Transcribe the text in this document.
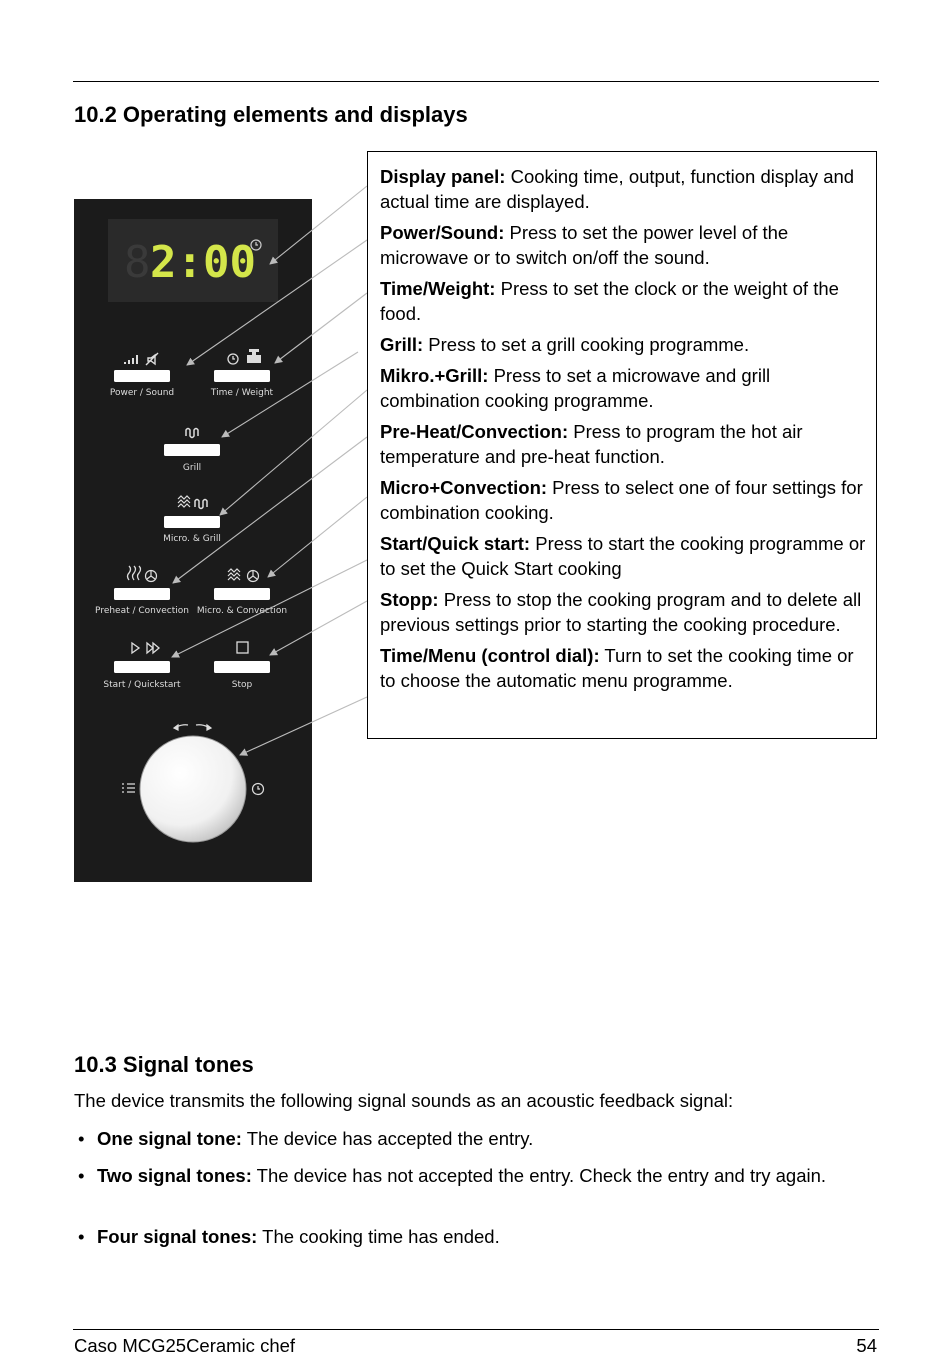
10.2 Operating elements and displays
8 2:00
Power / Sound	Time / Weight
Grill
Micro. & Grill
Preheat / Convection Micro. & Convection
Start / Quickstart	Stop

Display panel: Cooking time, output, function display and actual time are displayed.

Power/Sound: Press to set the power level of the microwave or to switch on/off the sound.

Time/Weight: Press to set the clock or the weight of the food.

Grill: Press to set a grill cooking programme.

Mikro.+Grill: Press to set a microwave and grill combination cooking programme.

Pre-Heat/Convection: Press to program the hot air temperature and pre-heat function.

Micro+Convection: Press to select one of four settings for combination cooking.

Start/Quick start: Press to start the cooking programme or to set the Quick Start cooking

Stopp: Press to stop the cooking program and to delete all previous settings prior to starting the cooking procedure.

Time/Menu (control dial): Turn to set the cooking time or to choose the automatic menu programme.

10.3 Signal tones

The device transmits the following signal sounds as an acoustic feedback signal:

• One signal tone: The device has accepted the entry.
• Two signal tones: The device has not accepted the entry. Check the entry and try again.
• Four signal tones: The cooking time has ended.
Caso MCG25Ceramic chef	54
